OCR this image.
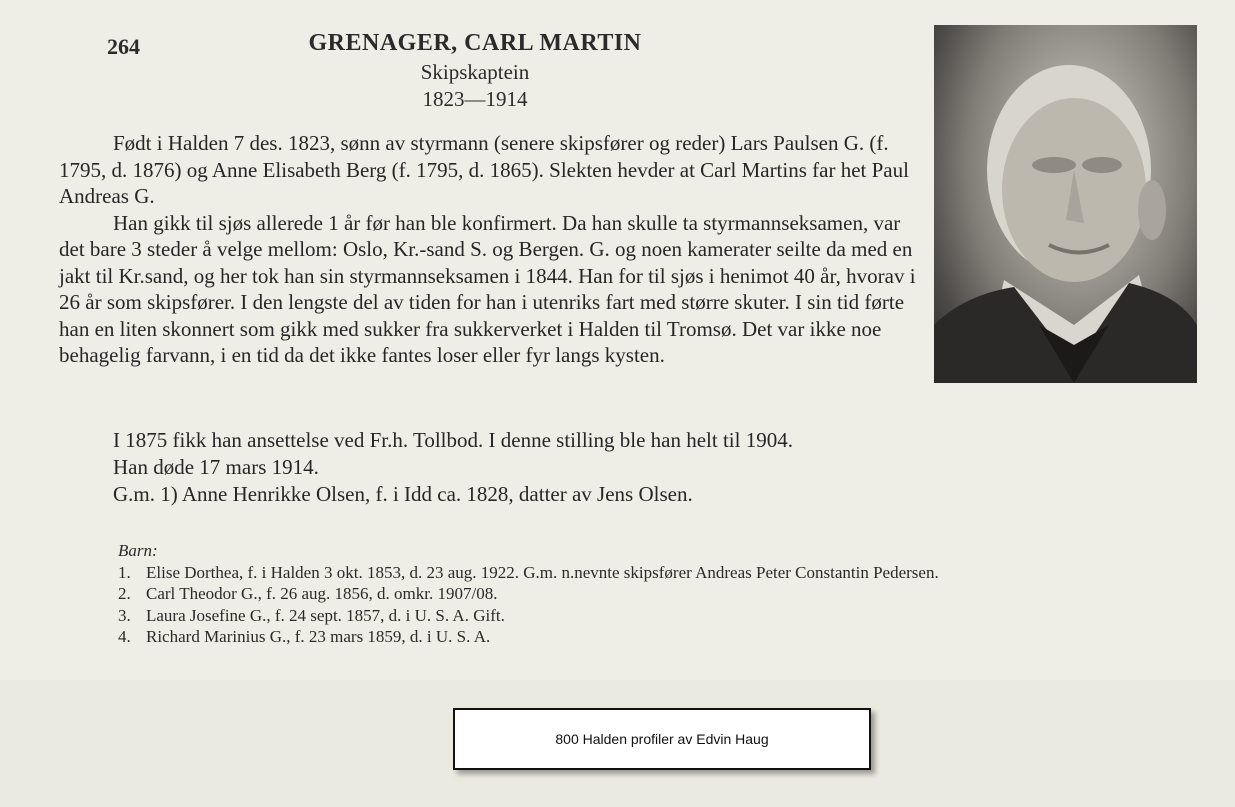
264	GRENAGER, CARL MARTIN
Skipskaptein
1823—1914

Født i Halden 7 des. 1823, sønn av styrmann (senere skipsfører og reder) Lars Paulsen G. (f. 1795, d. 1876) og Anne Elisabeth Berg (f. 1795, d. 1865). Slekten hevder at Carl Martins far het Paul Andreas G.

Han gikk til sjøs allerede 1 år før han ble konfirmert. Da han skulle ta styrmannseksamen, var det bare 3 steder å velge mellom: Oslo, Kr.-sand S. og Bergen. G. og noen kamerater seilte da med en jakt til Kr.sand, og her tok han sin styrmannseksamen i 1844. Han for til sjøs i henimot 40 år, hvorav i 26 år som skipsfører. I den lengste del av tiden for han i utenriks fart med større skuter. I sin tid førte han en liten skonnert som gikk med sukker fra sukkerverket i Halden til Tromsø. Det var ikke noe behagelig farvann, i en tid da det ikke fantes loser eller fyr langs kysten.

I 1875 fikk han ansettelse ved Fr.h. Tollbod. I denne stilling ble han helt til 1904.
Han døde 17 mars 1914.
G.m. 1) Anne Henrikke Olsen, f. i Idd ca. 1828, datter av Jens Olsen.
Barn:
1. Elise Dorthea, f. i Halden 3 okt. 1853, d. 23 aug. 1922. G.m. n.nevnte skipsfører Andreas Peter Constantin Pedersen.
2. Carl Theodor G., f. 26 aug. 1856, d. omkr. 1907/08.
3. Laura Josefine G., f. 24 sept. 1857, d. i U. S. A. Gift.
4. Richard Marinius G., f. 23 mars 1859, d. i U. S. A.
800 Halden profiler av Edvin Haug
